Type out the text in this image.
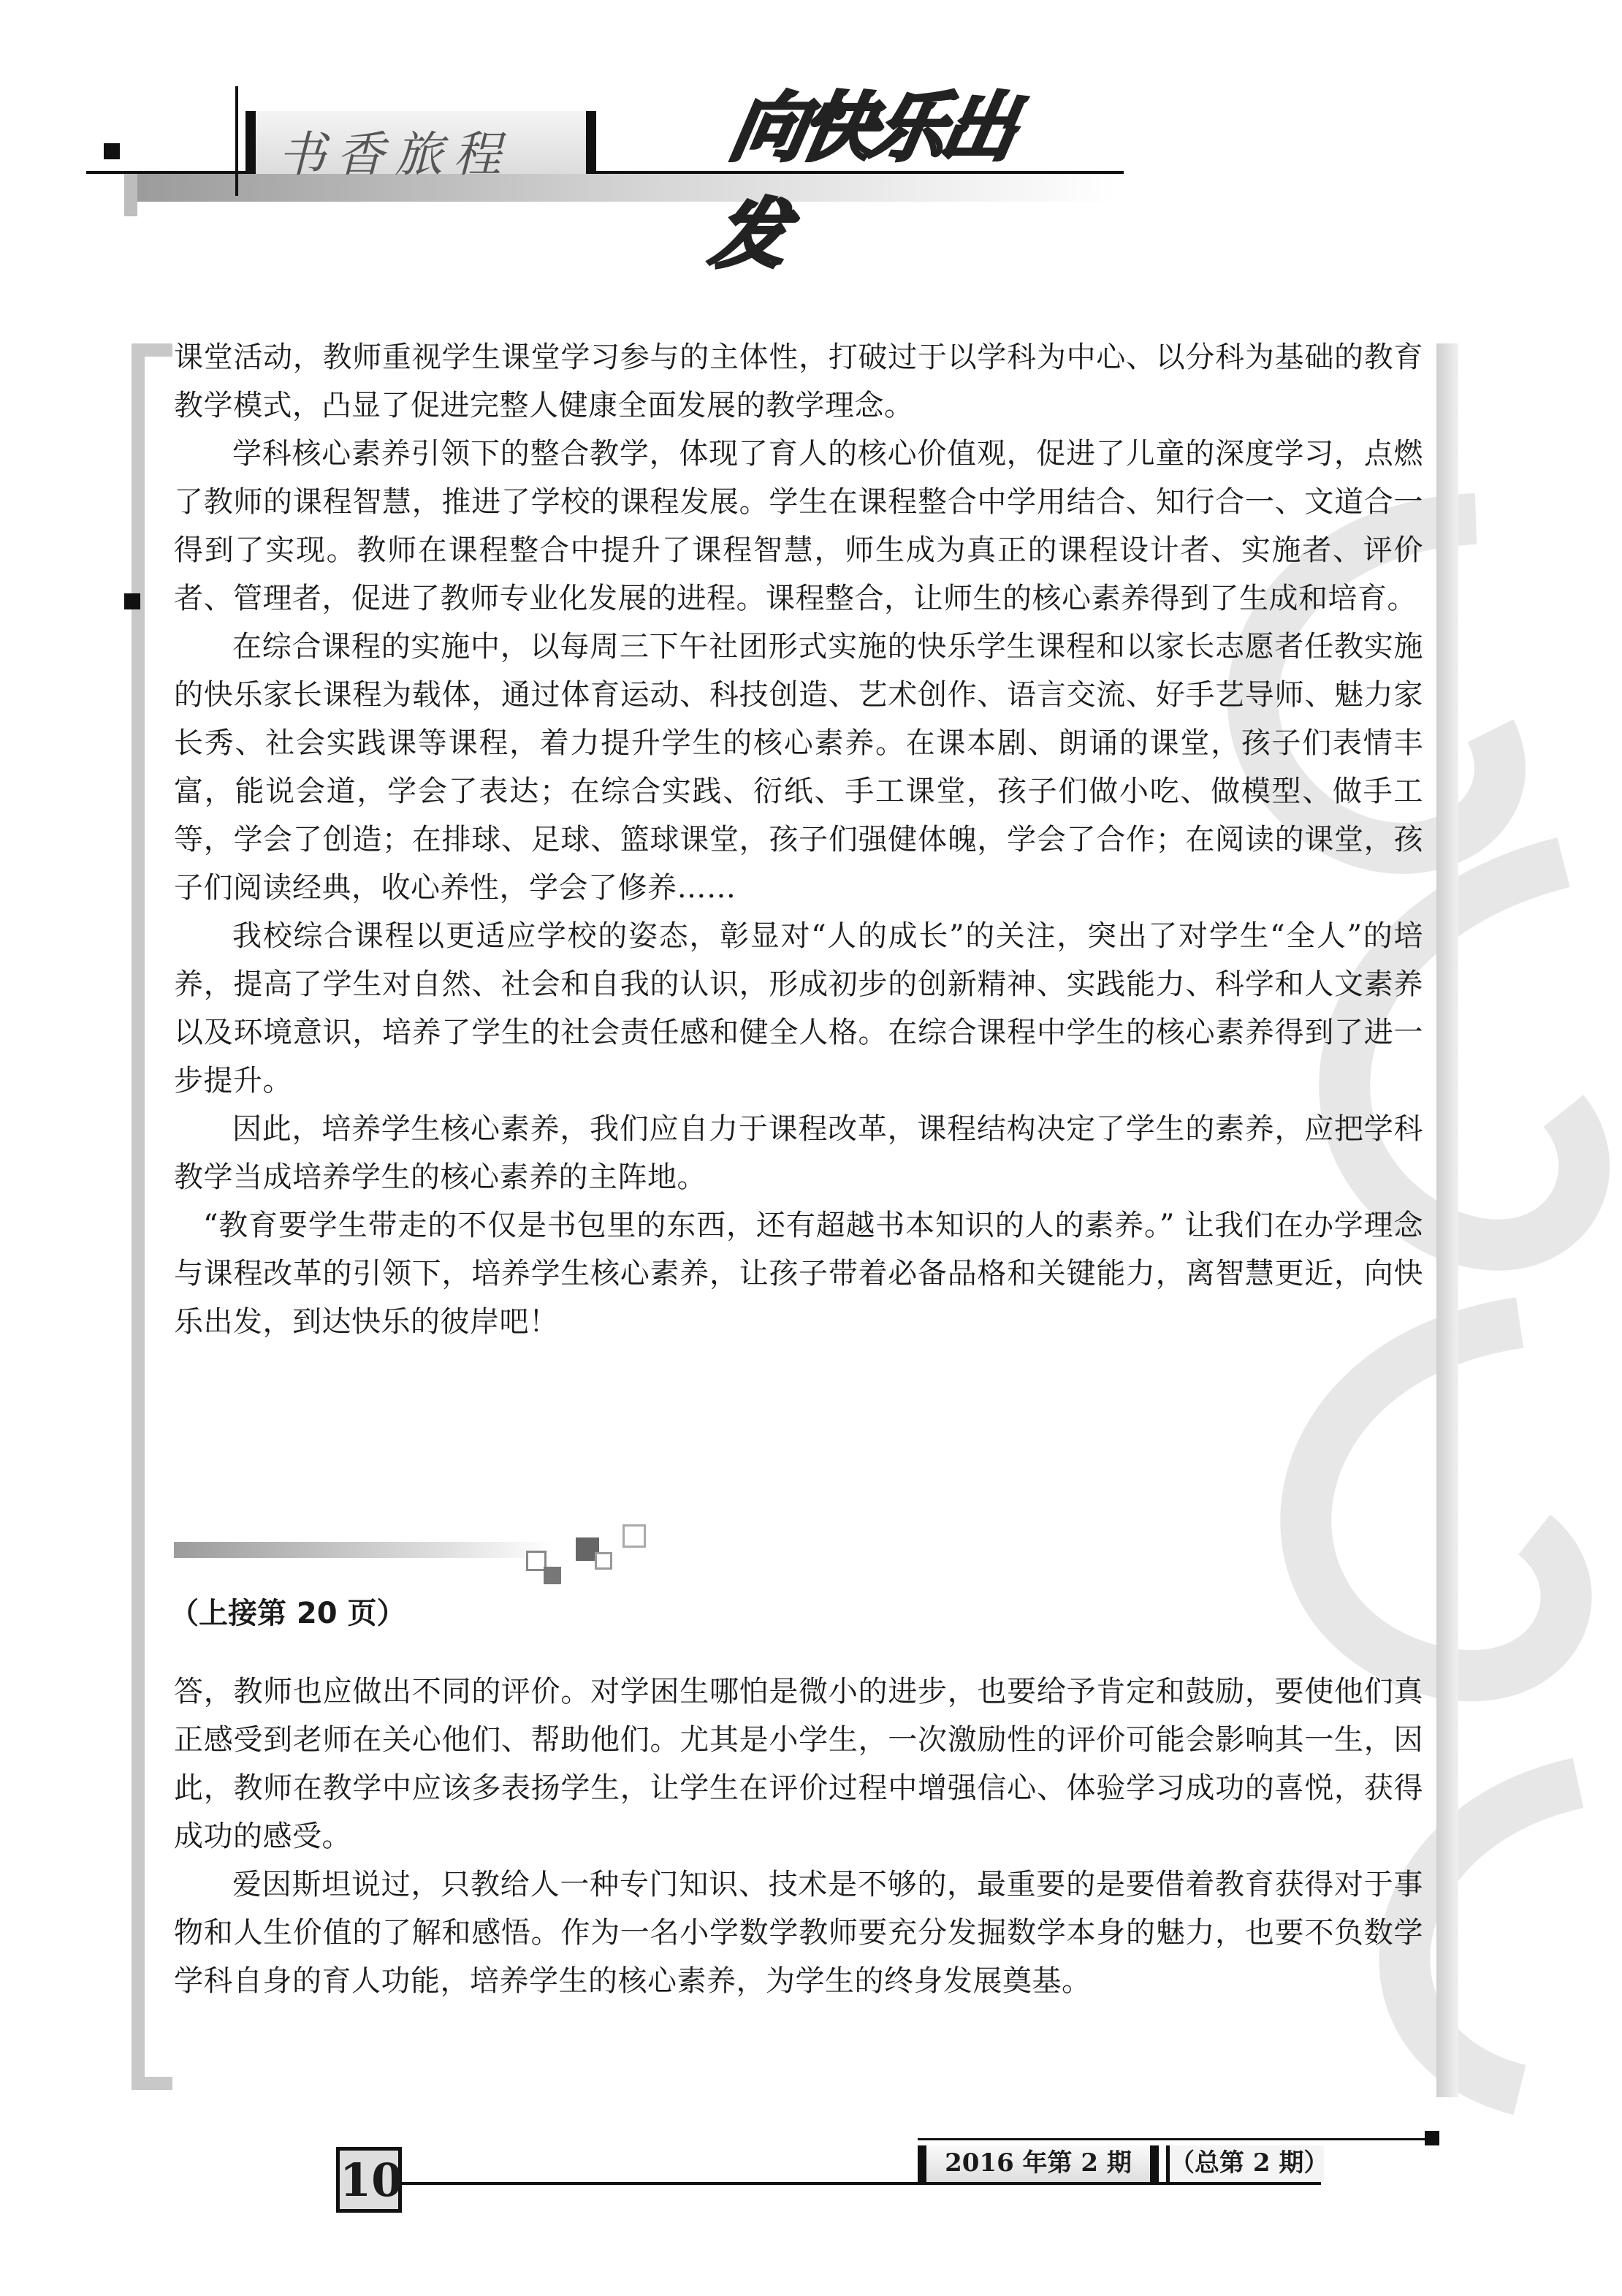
书香旅程	向快乐出发

课堂活动，教师重视学生课堂学习参与的主体性，打破过于以学科为中心、以分科为基础的教育教学模式，凸显了促进完整人健康全面发展的教学理念。

学科核心素养引领下的整合教学，体现了育人的核心价值观，促进了儿童的深度学习，点燃了教师的课程智慧，推进了学校的课程发展。学生在课程整合中学用结合、知行合一、文道合一得到了实现。教师在课程整合中提升了课程智慧，师生成为真正的课程设计者、实施者、评价者、管理者，促进了教师专业化发展的进程。课程整合，让师生的核心素养得到了生成和培育。

在综合课程的实施中，以每周三下午社团形式实施的快乐学生课程和以家长志愿者任教实施的快乐家长课程为载体，通过体育运动、科技创造、艺术创作、语言交流、好手艺导师、魅力家长秀、社会实践课等课程，着力提升学生的核心素养。在课本剧、朗诵的课堂，孩子们表情丰富，能说会道，学会了表达；在综合实践、衍纸、手工课堂，孩子们做小吃、做模型、做手工等，学会了创造；在排球、足球、篮球课堂，孩子们强健体魄，学会了合作；在阅读的课堂，孩子们阅读经典，收心养性，学会了修养……

我校综合课程以更适应学校的姿态，彰显对“人的成长”的关注，突出了对学生“全人”的培养，提高了学生对自然、社会和自我的认识，形成初步的创新精神、实践能力、科学和人文素养以及环境意识，培养了学生的社会责任感和健全人格。在综合课程中学生的核心素养得到了进一步提升。

因此，培养学生核心素养，我们应自力于课程改革，课程结构决定了学生的素养，应把学科教学当成培养学生的核心素养的主阵地。

“教育要学生带走的不仅是书包里的东西，还有超越书本知识的人的素养。” 让我们在办学理念与课程改革的引领下，培养学生核心素养，让孩子带着必备品格和关键能力，离智慧更近，向快乐出发，到达快乐的彼岸吧！

（上接第 20 页）

答，教师也应做出不同的评价。对学困生哪怕是微小的进步，也要给予肯定和鼓励，要使他们真正感受到老师在关心他们、帮助他们。尤其是小学生，一次激励性的评价可能会影响其一生，因此，教师在教学中应该多表扬学生，让学生在评价过程中增强信心、体验学习成功的喜悦，获得成功的感受。

爱因斯坦说过，只教给人一种专门知识、技术是不够的，最重要的是要借着教育获得对于事物和人生价值的了解和感悟。作为一名小学数学教师要充分发掘数学本身的魅力，也要不负数学学科自身的育人功能，培养学生的核心素养，为学生的终身发展奠基。

10	2016 年第 2 期	（总第 2 期）
